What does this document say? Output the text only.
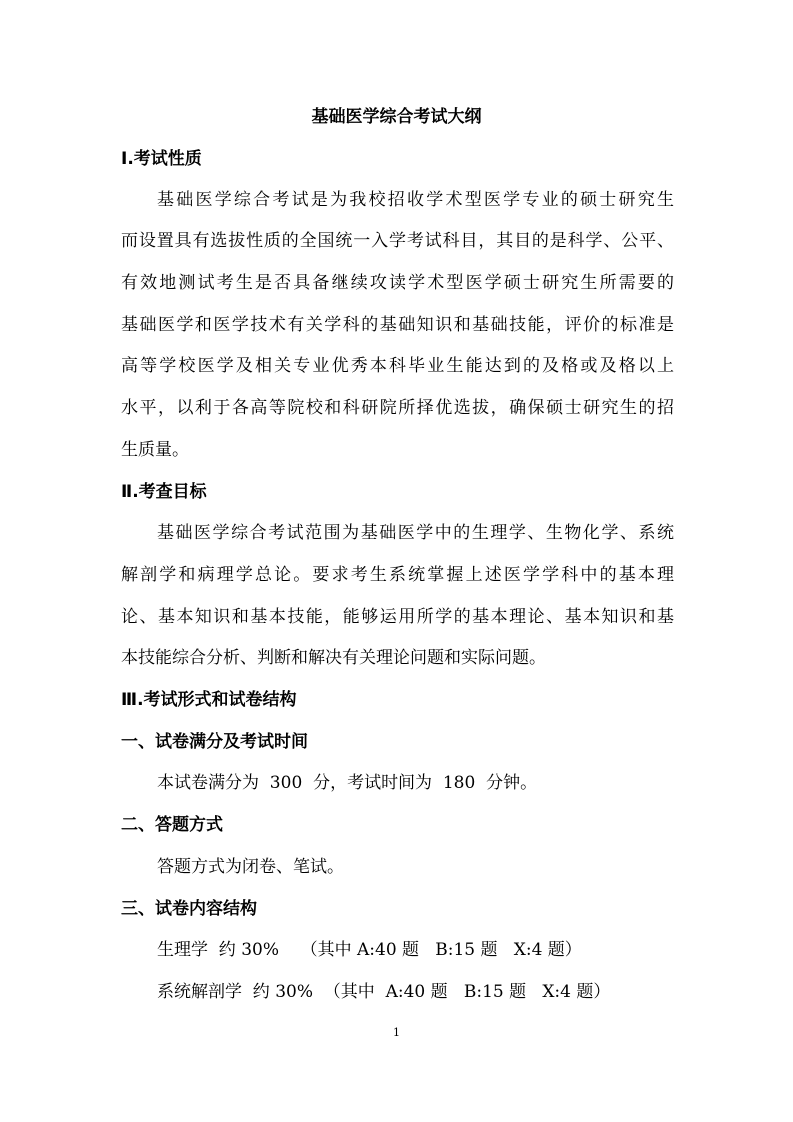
基础医学综合考试大纲
Ⅰ.考试性质
基础医学综合考试是为我校招收学术型医学专业的硕士研究生
而设置具有选拔性质的全国统一入学考试科目，其目的是科学、公平、
有效地测试考生是否具备继续攻读学术型医学硕士研究生所需要的
基础医学和医学技术有关学科的基础知识和基础技能，评价的标准是
高等学校医学及相关专业优秀本科毕业生能达到的及格或及格以上
水平，以利于各高等院校和科研院所择优选拔，确保硕士研究生的招
生质量。
Ⅱ.考查目标
基础医学综合考试范围为基础医学中的生理学、生物化学、系统
解剖学和病理学总论。要求考生系统掌握上述医学学科中的基本理
论、基本知识和基本技能，能够运用所学的基本理论、基本知识和基
本技能综合分析、判断和解决有关理论问题和实际问题。
Ⅲ.考试形式和试卷结构
一、试卷满分及考试时间
本试卷满分为  300  分，考试时间为  180  分钟。
二、答题方式
答题方式为闭卷、笔试。
三、试卷内容结构
生理学  约 30%    （其中 A:40 题   B:15 题   X:4 题）
系统解剖学  约 30%  （其中  A:40 题   B:15 题   X:4 题）
1
